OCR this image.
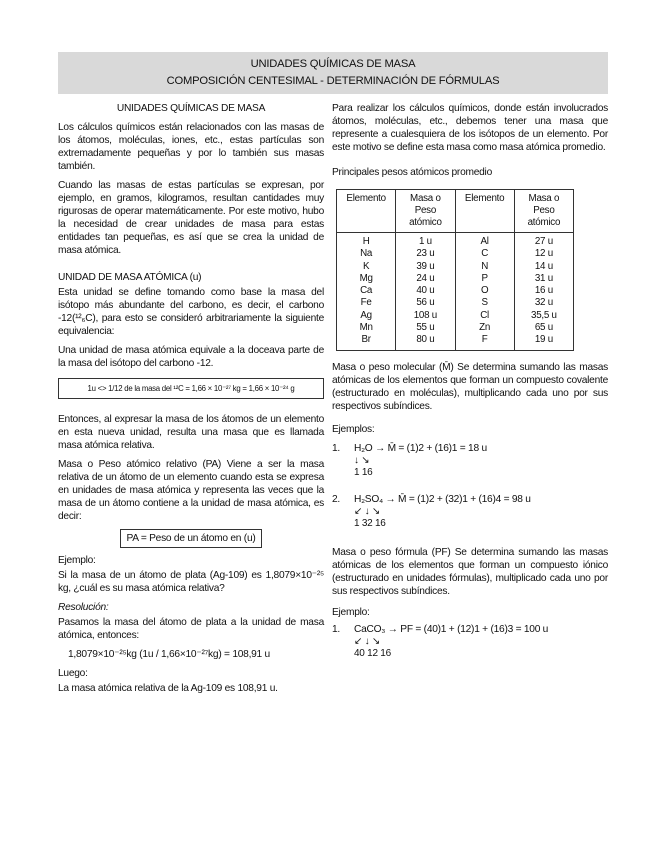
UNIDADES QUÍMICAS DE MASA
COMPOSICIÓN CENTESIMAL - DETERMINACIÓN DE FÓRMULAS

UNIDADES QUÍMICAS DE MASA

Los cálculos químicos están relacionados con las masas de los átomos, moléculas, iones, etc., estas partículas son extremadamente pequeñas y por lo también sus masas también.

Cuando las masas de estas partículas se expresan, por ejemplo, en gramos, kilogramos, resultan cantidades muy rigurosas de operar matemáticamente. Por este motivo, hubo la necesidad de crear unidades de masa para estas entidades tan pequeñas, es así que se crea la unidad de masa atómica.

UNIDAD DE MASA ATÓMICA (u)

Esta unidad se define tomando como base la masa del isótopo más abundante del carbono, es decir, el carbono -12(¹²₆C), para esto se consideró arbitrariamente la siguiente equivalencia:

Una unidad de masa atómica equivale a la doceava parte de la masa del isótopo del carbono -12.

1u <> 1/12 de la masa del ¹²C = 1,66 × 10⁻²⁷ kg = 1,66 × 10⁻²⁴ g

Entonces, al expresar la masa de los átomos de un elemento en esta nueva unidad, resulta una masa que es llamada masa atómica relativa.

Masa o Peso atómico relativo (PA) Viene a ser la masa relativa de un átomo de un elemento cuando esta se expresa en unidades de masa atómica y representa las veces que la masa de un átomo contiene a la unidad de masa atómica, es decir:

PA = Peso de un átomo en (u)

Ejemplo:

Si la masa de un átomo de plata (Ag-109) es 1,8079×10⁻²⁵ kg, ¿cuál es su masa atómica relativa?

Resolución:

Pasamos la masa del átomo de plata a la unidad de masa atómica, entonces:

1,8079×10⁻²⁵kg (1u / 1,66×10⁻²⁷kg) = 108,91 u

Luego:

La masa atómica relativa de la Ag-109 es 108,91 u.

Para realizar los cálculos químicos, donde están involucrados átomos, moléculas, etc., debemos tener una masa que represente a cualesquiera de los isótopos de un elemento. Por este motivo se define esta masa como masa atómica promedio.

Principales pesos atómicos promedio

Elemento	Masa o Peso atómico	Elemento	Masa o Peso atómico
H	1 u	Al	27 u
Na	23 u	C	12 u
K	39 u	N	14 u
Mg	24 u	P	31 u
Ca	40 u	O	16 u
Fe	56 u	S	32 u
Ag	108 u	Cl	35,5 u
Mn	55 u	Zn	65 u
Br	80 u	F	19 u

Masa o peso molecular (M̄) Se determina sumando las masas atómicas de los elementos que forman un compuesto covalente (estructurado en moléculas), multiplicando cada uno por sus respectivos subíndices.

Ejemplos:

1. H₂O → M̄ = (1)2 + (16)1 = 18 u
↓ ↘
1 16
2. H₂SO₄ → M̄ = (1)2 + (32)1 + (16)4 = 98 u
↙ ↓ ↘
1 32 16

Masa o peso fórmula (PF) Se determina sumando las masas atómicas de los elementos que forman un compuesto iónico (estructurado en unidades fórmulas), multiplicado cada uno por sus respectivos subíndices.

Ejemplo:

1. CaCO₃ → PF = (40)1 + (12)1 + (16)3 = 100 u
↙ ↓ ↘
40 12 16
